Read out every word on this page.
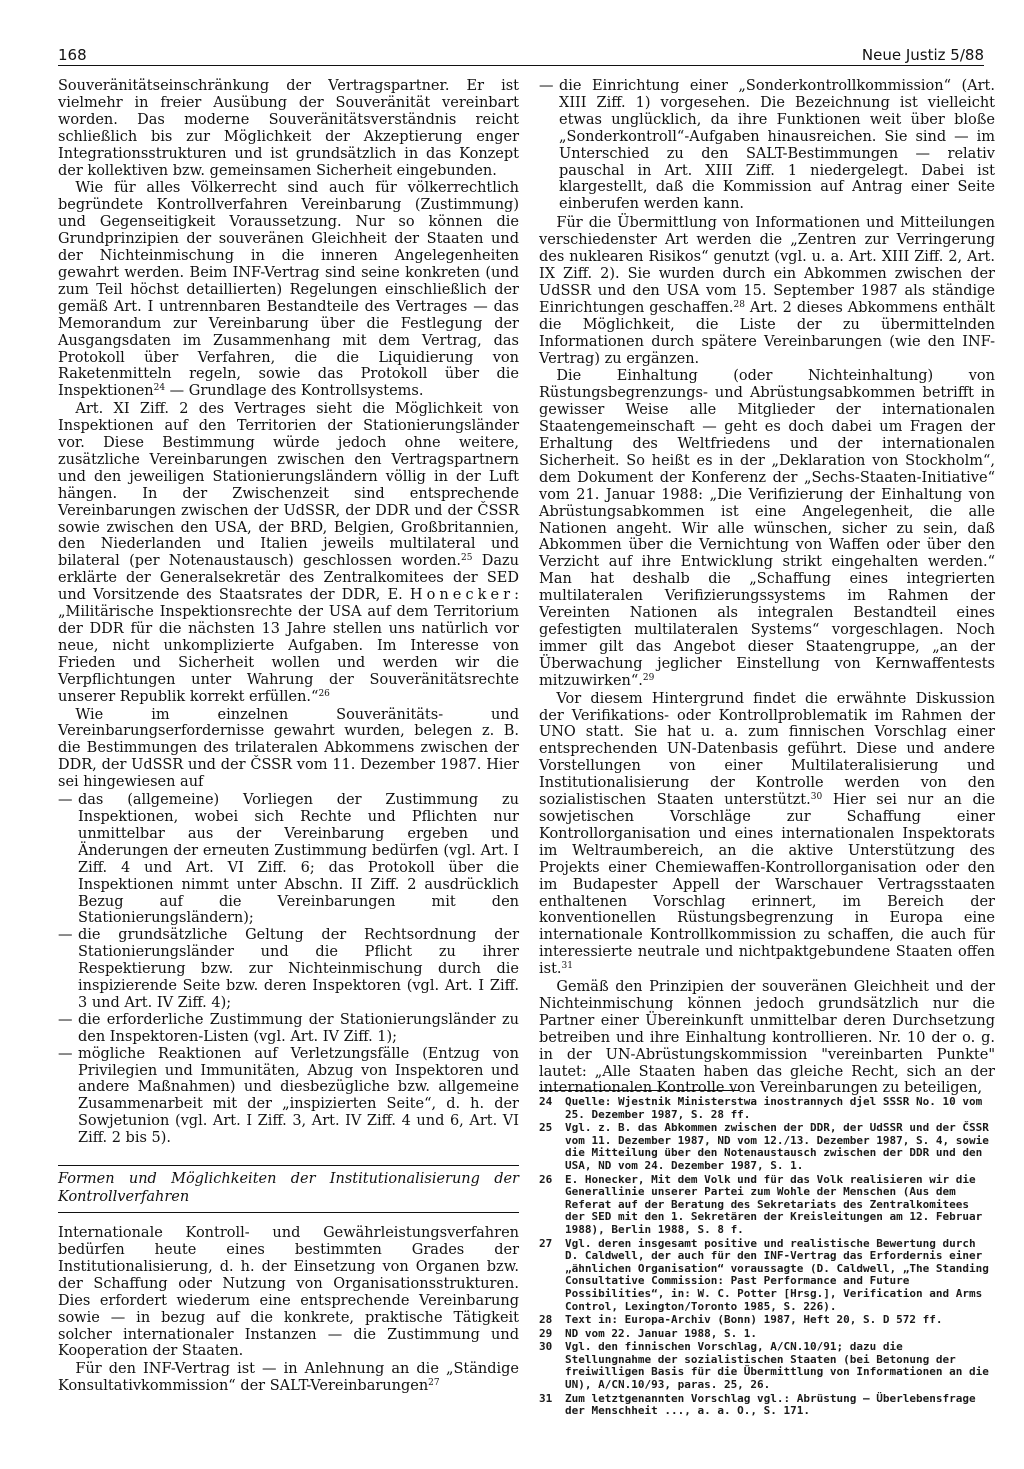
168	Neue Justiz 5/88

Souveränitätseinschränkung der Vertragspartner. Er ist vielmehr in freier Ausübung der Souveränität vereinbart worden. Das moderne Souveränitätsverständnis reicht schließlich bis zur Möglichkeit der Akzeptierung enger Integrationsstrukturen und ist grundsätzlich in das Konzept der kollektiven bzw. gemeinsamen Sicherheit eingebunden.

Wie für alles Völkerrecht sind auch für völkerrechtlich begründete Kontrollverfahren Vereinbarung (Zustimmung) und Gegenseitigkeit Voraussetzung. Nur so können die Grundprinzipien der souveränen Gleichheit der Staaten und der Nichteinmischung in die inneren Angelegenheiten gewahrt werden. Beim INF-Vertrag sind seine konkreten (und zum Teil höchst detaillierten) Regelungen einschließlich der gemäß Art. I untrennbaren Bestandteile des Vertrages — das Memorandum zur Vereinbarung über die Festlegung der Ausgangsdaten im Zusammenhang mit dem Vertrag, das Protokoll über Verfahren, die die Liquidierung von Raketenmitteln regeln, sowie das Protokoll über die Inspektionen$^{24}$ — Grundlage des Kontrollsystems.

Art. XI Ziff. 2 des Vertrages sieht die Möglichkeit von Inspektionen auf den Territorien der Stationierungsländer vor. Diese Bestimmung würde jedoch ohne weitere, zusätzliche Vereinbarungen zwischen den Vertragspartnern und den jeweiligen Stationierungsländern völlig in der Luft hängen. In der Zwischenzeit sind entsprechende Vereinbarungen zwischen der UdSSR, der DDR und der ČSSR sowie zwischen den USA, der BRD, Belgien, Großbritannien, den Niederlanden und Italien jeweils multilateral und bilateral (per Notenaustausch) geschlossen worden.$^{25}$ Dazu erklärte der Generalsekretär des Zentralkomitees der SED und Vorsitzende des Staatsrates der DDR, E. Honecker: „Militärische Inspektionsrechte der USA auf dem Territorium der DDR für die nächsten 13 Jahre stellen uns natürlich vor neue, nicht unkomplizierte Aufgaben. Im Interesse von Frieden und Sicherheit wollen und werden wir die Verpflichtungen unter Wahrung der Souveränitätsrechte unserer Republik korrekt erfüllen.“$^{26}$

Wie im einzelnen Souveränitäts- und Vereinbarungserfordernisse gewahrt wurden, belegen z. B. die Bestimmungen des trilateralen Abkommens zwischen der DDR, der UdSSR und der ČSSR vom 11. Dezember 1987. Hier sei hingewiesen auf

— das (allgemeine) Vorliegen der Zustimmung zu Inspektionen, wobei sich Rechte und Pflichten nur unmittelbar aus der Vereinbarung ergeben und Änderungen der erneuten Zustimmung bedürfen (vgl. Art. I Ziff. 4 und Art. VI Ziff. 6; das Protokoll über die Inspektionen nimmt unter Abschn. II Ziff. 2 ausdrücklich Bezug auf die Vereinbarungen mit den Stationierungsländern);
— die grundsätzliche Geltung der Rechtsordnung der Stationierungsländer und die Pflicht zu ihrer Respektierung bzw. zur Nichteinmischung durch die inspizierende Seite bzw. deren Inspektoren (vgl. Art. I Ziff. 3 und Art. IV Ziff. 4);
— die erforderliche Zustimmung der Stationierungsländer zu den Inspektoren-Listen (vgl. Art. IV Ziff. 1);
— mögliche Reaktionen auf Verletzungsfälle (Entzug von Privilegien und Immunitäten, Abzug von Inspektoren und andere Maßnahmen) und diesbezügliche bzw. allgemeine Zusammenarbeit mit der „inspizierten Seite“, d. h. der Sowjetunion (vgl. Art. I Ziff. 3, Art. IV Ziff. 4 und 6, Art. VI Ziff. 2 bis 5).
Formen und Möglichkeiten der Institutionalisierung der Kontrollverfahren

Internationale Kontroll- und Gewährleistungsverfahren bedürfen heute eines bestimmten Grades der Institutionalisierung, d. h. der Einsetzung von Organen bzw. der Schaffung oder Nutzung von Organisationsstrukturen. Dies erfordert wiederum eine entsprechende Vereinbarung sowie — in bezug auf die konkrete, praktische Tätigkeit solcher internationaler Instanzen — die Zustimmung und Kooperation der Staaten.

Für den INF-Vertrag ist — in Anlehnung an die „Ständige Konsultativkommission“ der SALT-Vereinbarungen$^{27}$

— die Einrichtung einer „Sonderkontrollkommission“ (Art. XIII Ziff. 1) vorgesehen. Die Bezeichnung ist vielleicht etwas unglücklich, da ihre Funktionen weit über bloße „Sonderkontroll“-Aufgaben hinausreichen. Sie sind — im Unterschied zu den SALT-Bestimmungen — relativ pauschal in Art. XIII Ziff. 1 niedergelegt. Dabei ist klargestellt, daß die Kommission auf Antrag einer Seite einberufen werden kann.

Für die Übermittlung von Informationen und Mitteilungen verschiedenster Art werden die „Zentren zur Verringerung des nuklearen Risikos“ genutzt (vgl. u. a. Art. XIII Ziff. 2, Art. IX Ziff. 2). Sie wurden durch ein Abkommen zwischen der UdSSR und den USA vom 15. September 1987 als ständige Einrichtungen geschaffen.$^{28}$ Art. 2 dieses Abkommens enthält die Möglichkeit, die Liste der zu übermittelnden Informationen durch spätere Vereinbarungen (wie den INF-Vertrag) zu ergänzen.

Die Einhaltung (oder Nichteinhaltung) von Rüstungsbegrenzungs- und Abrüstungsabkommen betrifft in gewisser Weise alle Mitglieder der internationalen Staatengemeinschaft — geht es doch dabei um Fragen der Erhaltung des Weltfriedens und der internationalen Sicherheit. So heißt es in der „Deklaration von Stockholm“, dem Dokument der Konferenz der „Sechs-Staaten-Initiative“ vom 21. Januar 1988: „Die Verifizierung der Einhaltung von Abrüstungsabkommen ist eine Angelegenheit, die alle Nationen angeht. Wir alle wünschen, sicher zu sein, daß Abkommen über die Vernichtung von Waffen oder über den Verzicht auf ihre Entwicklung strikt eingehalten werden.“ Man hat deshalb die „Schaffung eines integrierten multilateralen Verifizierungssystems im Rahmen der Vereinten Nationen als integralen Bestandteil eines gefestigten multilateralen Systems“ vorgeschlagen. Noch immer gilt das Angebot dieser Staatengruppe, „an der Überwachung jeglicher Einstellung von Kernwaffentests mitzuwirken“.$^{29}$

Vor diesem Hintergrund findet die erwähnte Diskussion der Verifikations- oder Kontrollproblematik im Rahmen der UNO statt. Sie hat u. a. zum finnischen Vorschlag einer entsprechenden UN-Datenbasis geführt. Diese und andere Vorstellungen von einer Multilateralisierung und Institutionalisierung der Kontrolle werden von den sozialistischen Staaten unterstützt.$^{30}$ Hier sei nur an die sowjetischen Vorschläge zur Schaffung einer Kontrollorganisation und eines internationalen Inspektorats im Weltraumbereich, an die aktive Unterstützung des Projekts einer Chemiewaffen-Kontrollorganisation oder den im Budapester Appell der Warschauer Vertragsstaaten enthaltenen Vorschlag erinnert, im Bereich der konventionellen Rüstungsbegrenzung in Europa eine internationale Kontrollkommission zu schaffen, die auch für interessierte neutrale und nichtpaktgebundene Staaten offen ist.$^{31}$

Gemäß den Prinzipien der souveränen Gleichheit und der Nichteinmischung können jedoch grundsätzlich nur die Partner einer Übereinkunft unmittelbar deren Durchsetzung betreiben und ihre Einhaltung kontrollieren. Nr. 10 der o. g. in der UN-Abrüstungskommission "vereinbarten Punkte" lautet: „Alle Staaten haben das gleiche Recht, sich an der internationalen Kontrolle von Vereinbarungen zu beteiligen,

24 Quelle: Wjestnik Ministerstwa inostrannych djel SSSR No. 10 vom 25. Dezember 1987, S. 28 ff.
25 Vgl. z. B. das Abkommen zwischen der DDR, der UdSSR und der ČSSR vom 11. Dezember 1987, ND vom 12./13. Dezember 1987, S. 4, sowie die Mitteilung über den Notenaustausch zwischen der DDR und den USA, ND vom 24. Dezember 1987, S. 1.
26 E. Honecker, Mit dem Volk und für das Volk realisieren wir die Generallinie unserer Partei zum Wohle der Menschen (Aus dem Referat auf der Beratung des Sekretariats des Zentralkomitees der SED mit den 1. Sekretären der Kreisleitungen am 12. Februar 1988), Berlin 1988, S. 8 f.
27 Vgl. deren insgesamt positive und realistische Bewertung durch D. Caldwell, der auch für den INF-Vertrag das Erfordernis einer „ähnlichen Organisation“ voraussagte (D. Caldwell, „The Standing Consultative Commission: Past Performance and Future Possibilities“, in: W. C. Potter [Hrsg.], Verification and Arms Control, Lexington/Toronto 1985, S. 226).
28 Text in: Europa-Archiv (Bonn) 1987, Heft 20, S. D 572 ff.
29 ND vom 22. Januar 1988, S. 1.
30 Vgl. den finnischen Vorschlag, A/CN.10/91; dazu die Stellungnahme der sozialistischen Staaten (bei Betonung der freiwilligen Basis für die Übermittlung von Informationen an die UN), A/CN.10/93, paras. 25, 26.
31 Zum letztgenannten Vorschlag vgl.: Abrüstung — Überlebensfrage der Menschheit ..., a. a. O., S. 171.
